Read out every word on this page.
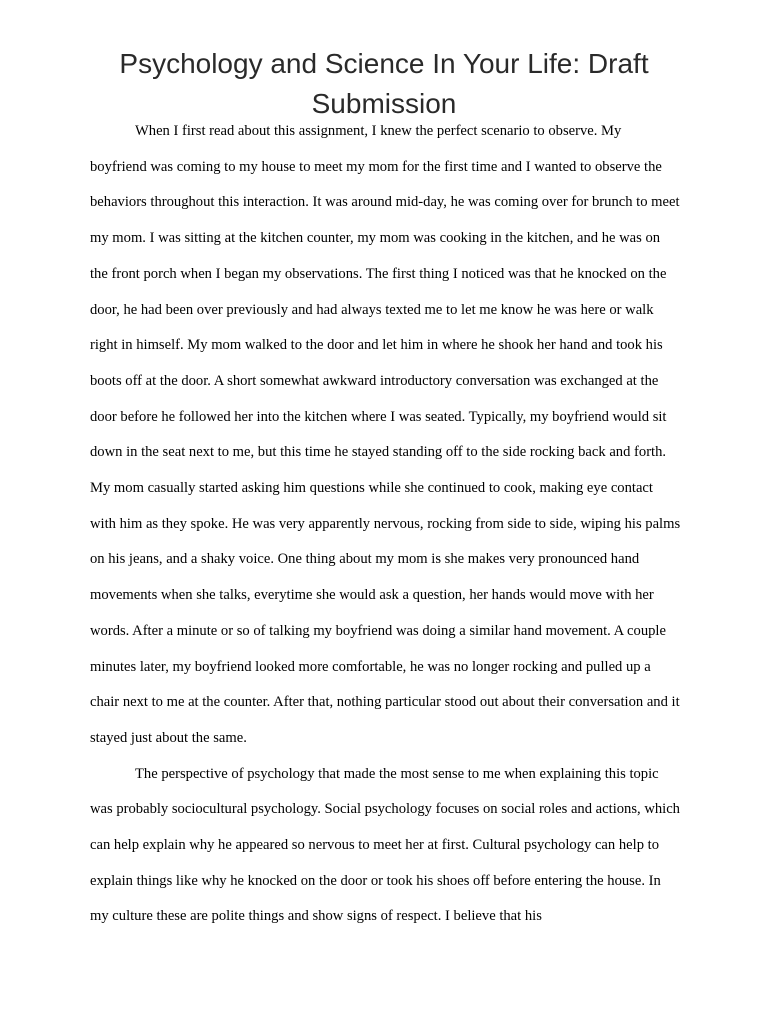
Psychology and Science In Your Life: Draft Submission

When I first read about this assignment, I knew the perfect scenario to observe. My boyfriend was coming to my house to meet my mom for the first time and I wanted to observe the behaviors throughout this interaction. It was around mid-day, he was coming over for brunch to meet my mom. I was sitting at the kitchen counter, my mom was cooking in the kitchen, and he was on the front porch when I began my observations. The first thing I noticed was that he knocked on the door, he had been over previously and had always texted me to let me know he was here or walk right in himself. My mom walked to the door and let him in where he shook her hand and took his boots off at the door. A short somewhat awkward introductory conversation was exchanged at the door before he followed her into the kitchen where I was seated. Typically, my boyfriend would sit down in the seat next to me, but this time he stayed standing off to the side rocking back and forth. My mom casually started asking him questions while she continued to cook, making eye contact with him as they spoke. He was very apparently nervous, rocking from side to side, wiping his palms on his jeans, and a shaky voice. One thing about my mom is she makes very pronounced hand movements when she talks, everytime she would ask a question, her hands would move with her words. After a minute or so of talking my boyfriend was doing a similar hand movement. A couple minutes later, my boyfriend looked more comfortable, he was no longer rocking and pulled up a chair next to me at the counter. After that, nothing particular stood out about their conversation and it stayed just about the same.

The perspective of psychology that made the most sense to me when explaining this topic was probably sociocultural psychology. Social psychology focuses on social roles and actions, which can help explain why he appeared so nervous to meet her at first. Cultural psychology can help to explain things like why he knocked on the door or took his shoes off before entering the house. In my culture these are polite things and show signs of respect. I believe that his
